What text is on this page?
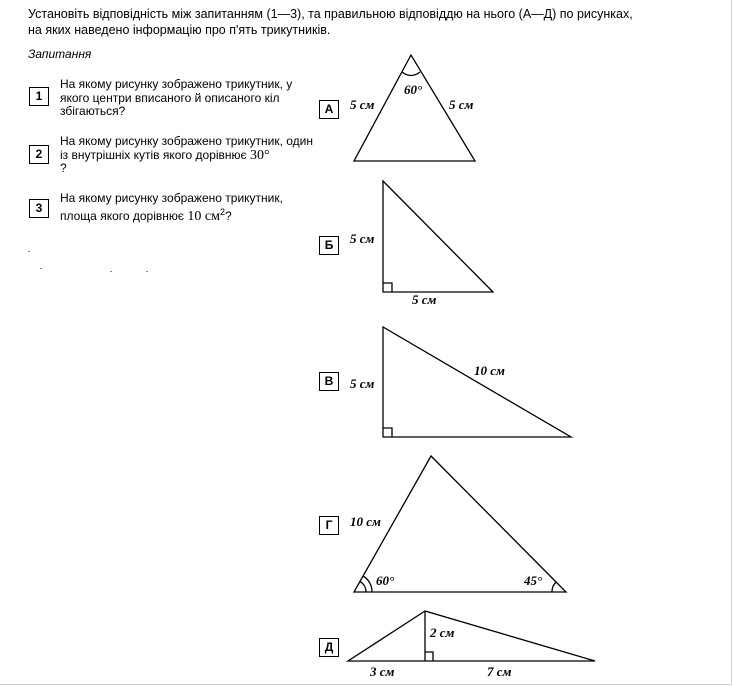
Установіть відповідність між запитанням (1—3), та правильною відповіддю на нього (А—Д) по рисунках,
на яких наведено інформацію про п'ять трикутників.
Запитання
1
На якому рисунку зображено трикутник, у якого центри вписаного й описаного кіл збігаються?
2
На якому рисунку зображено трикутник, один із внутрішніх кутів якого дорівнює 30°
?
3
На якому рисунку зображено трикутник, площа якого дорівнює 10 $см^2$?
А
Б
В
Г
Д
5 см	5 см
60°
5 см
5 см
5 см
10 см
10 см
60°	45°
2 см
3 см	7 см
